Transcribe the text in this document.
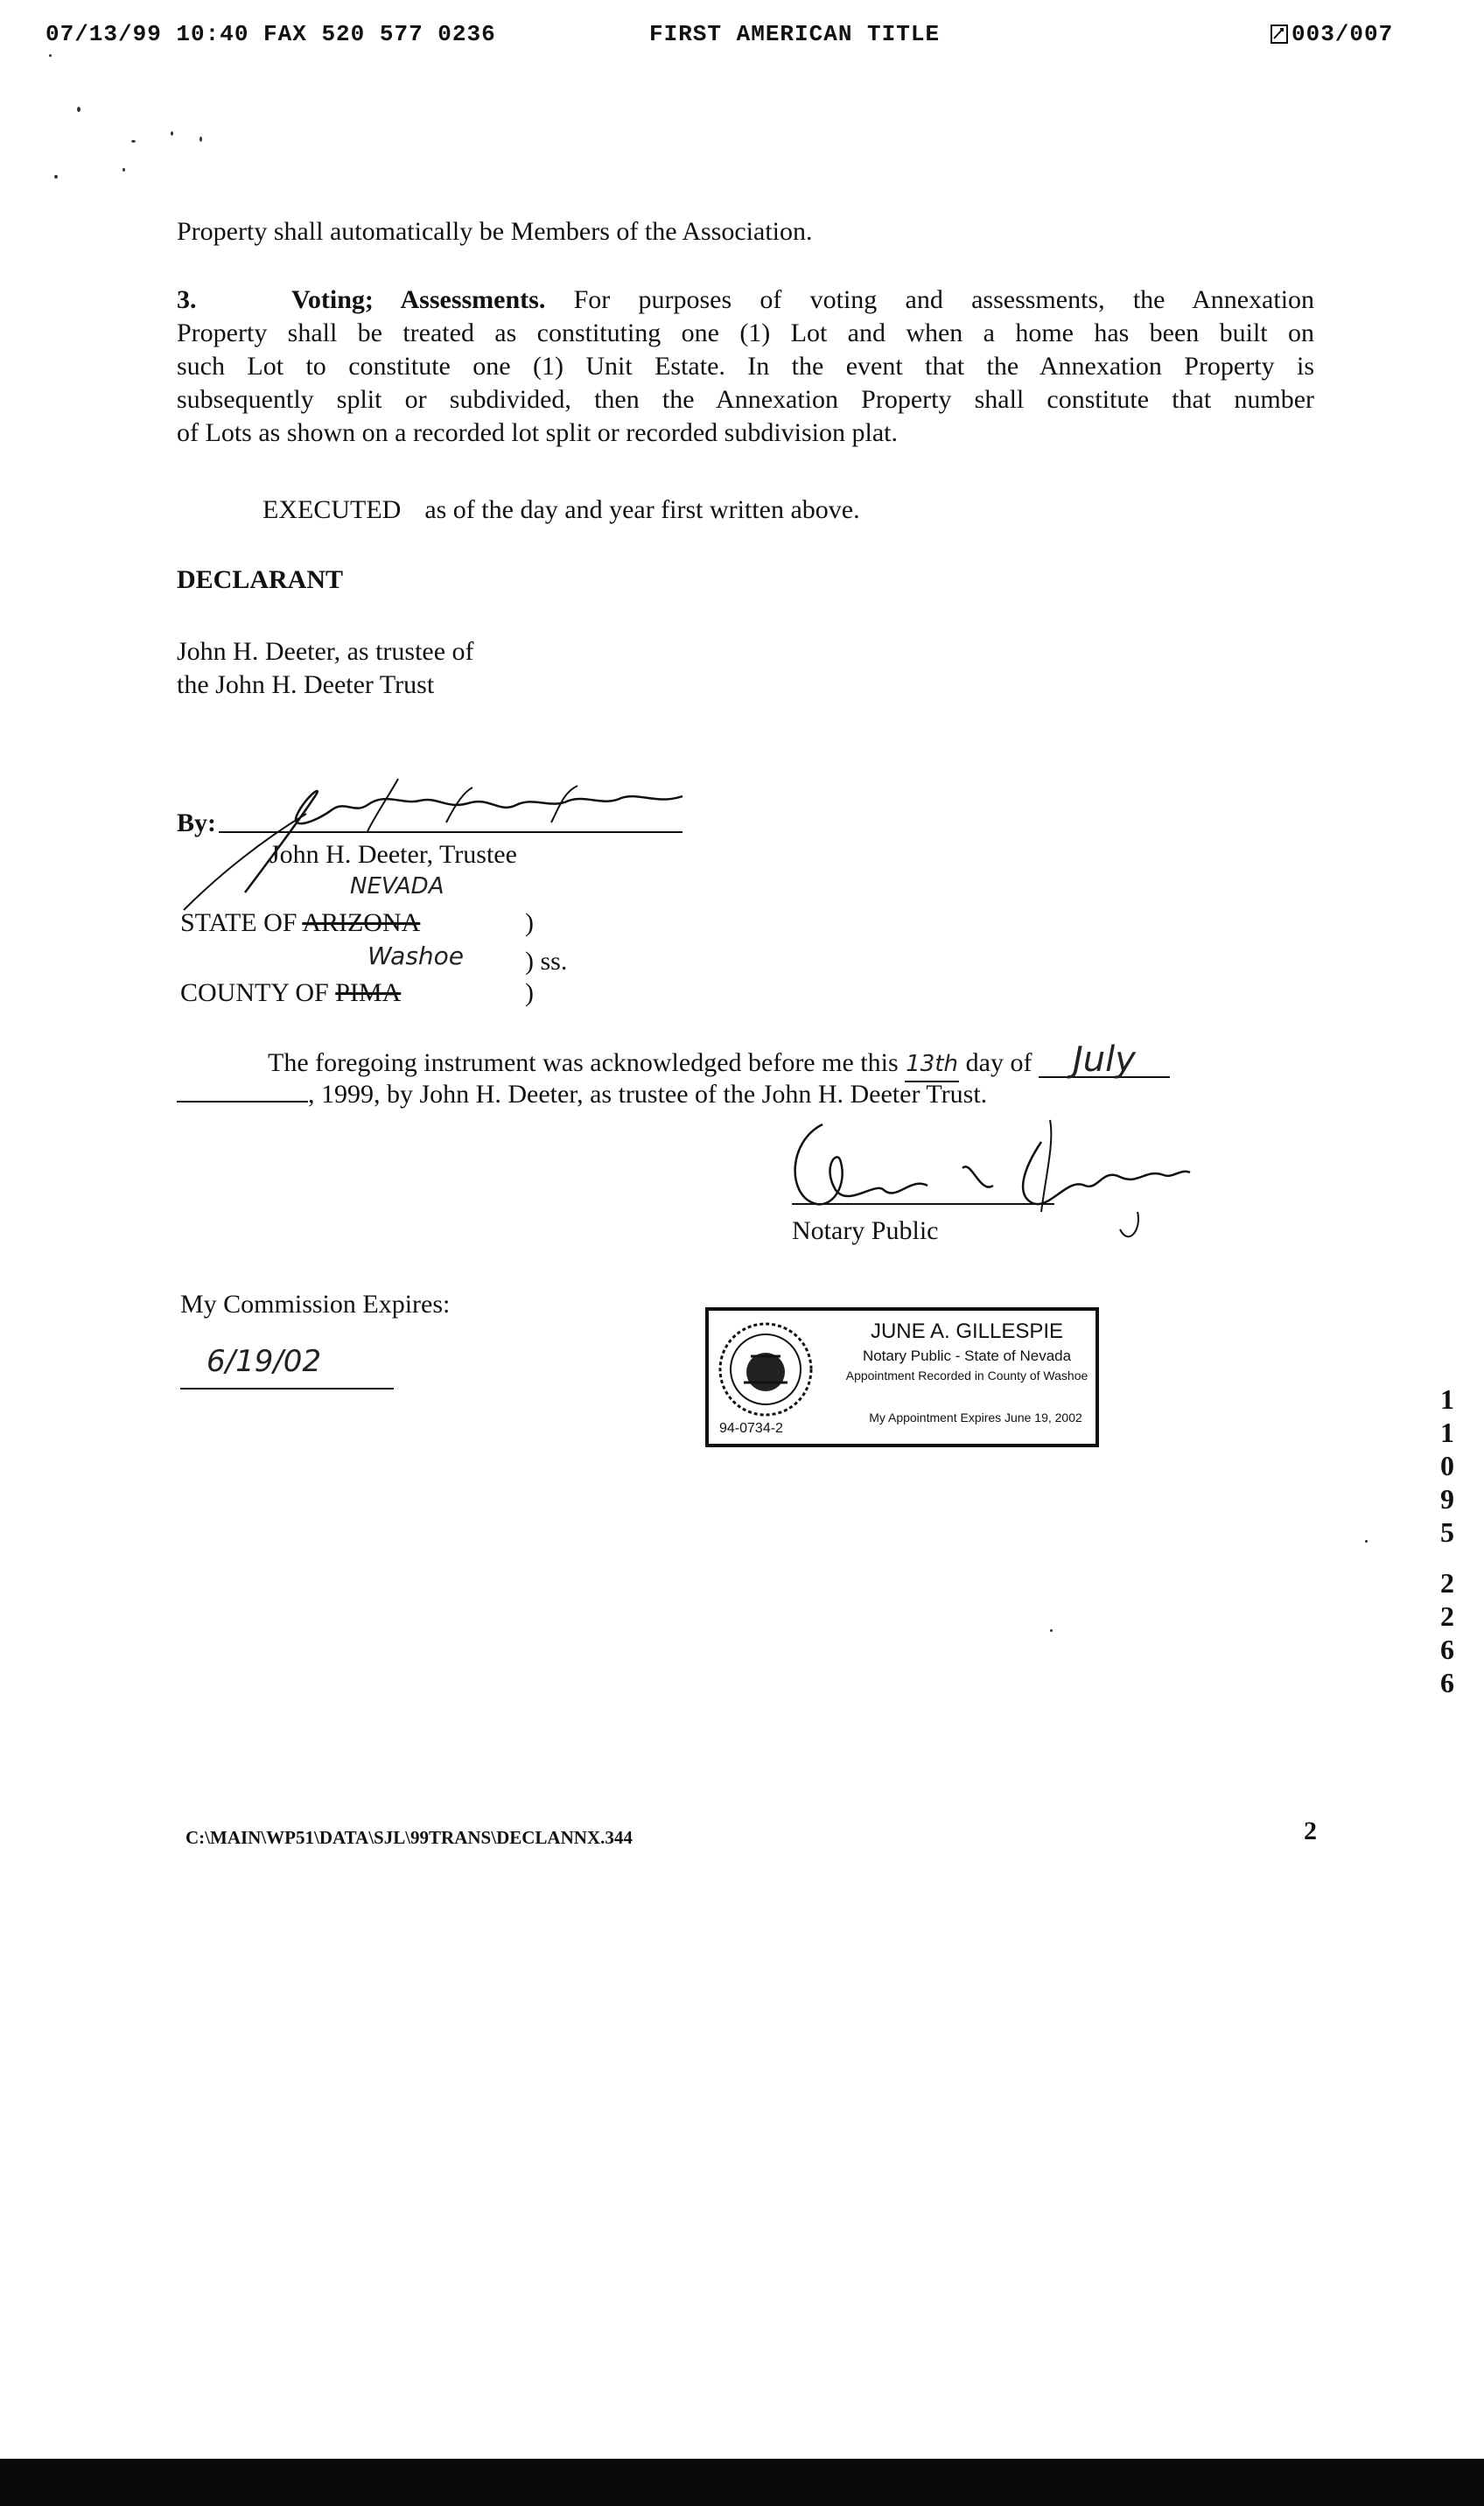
07/13/99 10:40 FAX 520 577 0236	FIRST AMERICAN TITLE	003/007
Property shall automatically be Members of the Association.
3.	Voting; Assessments. For purposes of voting and assessments, the Annexation
Property shall be treated as constituting one (1) Lot and when a home has been built on
such Lot to constitute one (1) Unit Estate. In the event that the Annexation Property is
subsequently split or subdivided, then the Annexation Property shall constitute that number
of Lots as shown on a recorded lot split or recorded subdivision plat.
EXECUTED as of the day and year first written above.
DECLARANT
John H. Deeter, as trustee of
the John H. Deeter Trust
By:
John H. Deeter, Trustee
NEVADA
STATE OF ARIZONA	)
Washoe ) ss.
COUNTY OF PIMA	)
The foregoing instrument was acknowledged before me this 13th day of July
, 1999, by John H. Deeter, as trustee of the John H. Deeter Trust.
Notary Public
My Commission Expires:
6/19/02
JUNE A. GILLESPIE
Notary Public - State of Nevada
Appointment Recorded in County of Washoe
94-0734-2
My Appointment Expires June 19, 2002
1
1
0
9
5
2
2
6
6
C:\MAIN\WP51\DATA\SJL\99TRANS\DECLANNX.344	2
